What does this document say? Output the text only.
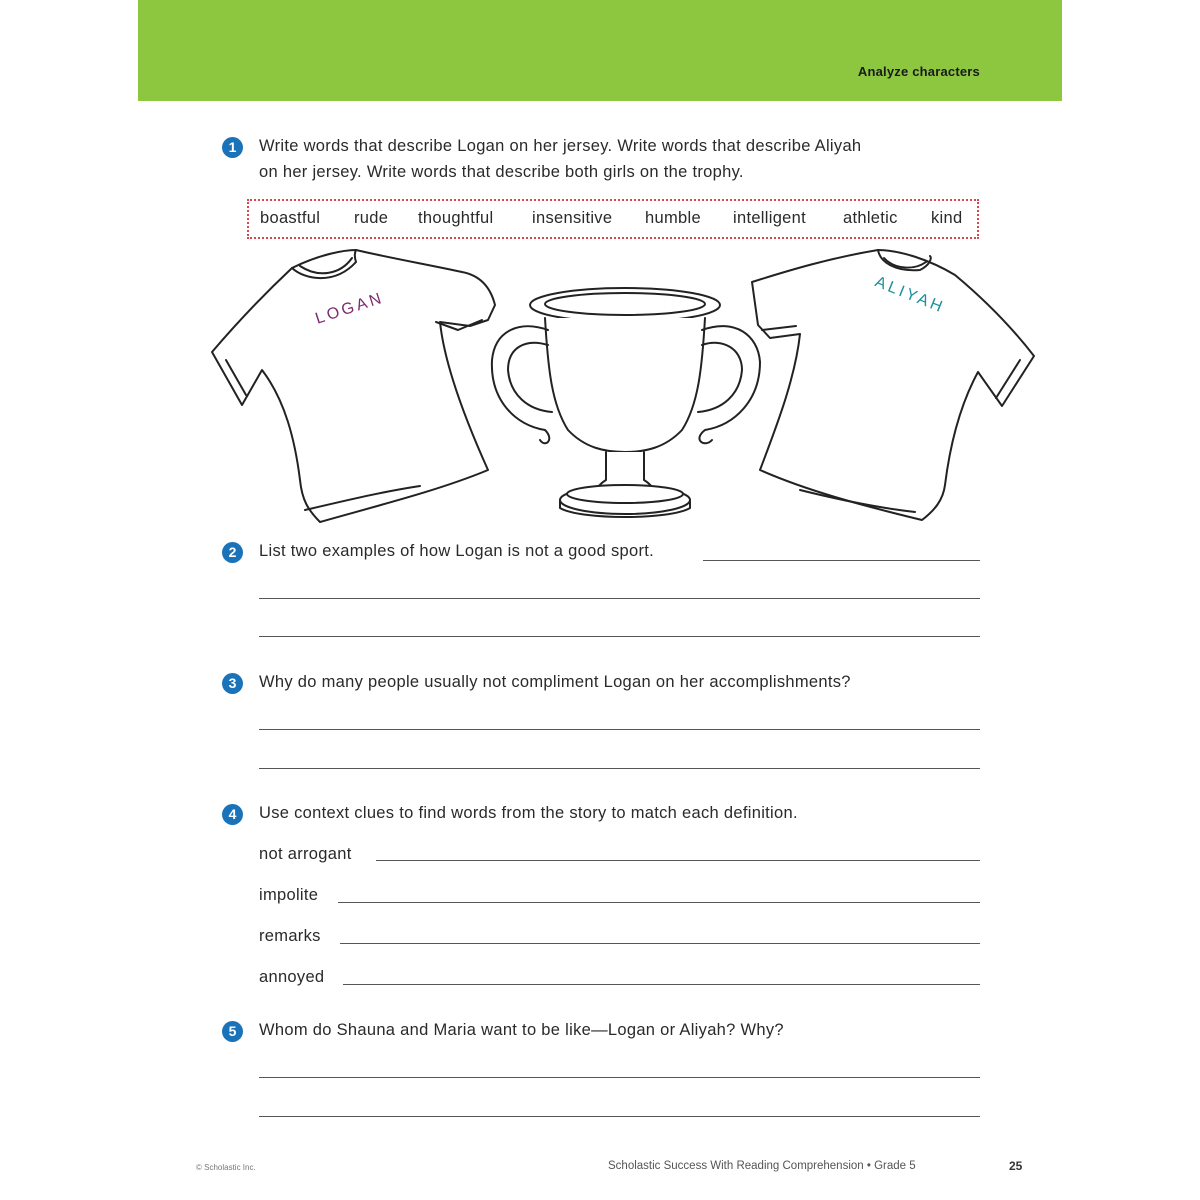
Analyze characters
1	Write words that describe Logan on her jersey. Write words that describe Aliyah
on her jersey. Write words that describe both girls on the trophy.
boastful rude thoughtful insensitive humble intelligent athletic kind
LOGAN	ALIYAH
2	List two examples of how Logan is not a good sport.
3	Why do many people usually not compliment Logan on her accomplishments?
4	Use context clues to find words from the story to match each definition.
not arrogant
impolite
remarks
annoyed
5	Whom do Shauna and Maria want to be like—Logan or Aliyah? Why?
© Scholastic Inc.	Scholastic Success With Reading Comprehension • Grade 5	25
